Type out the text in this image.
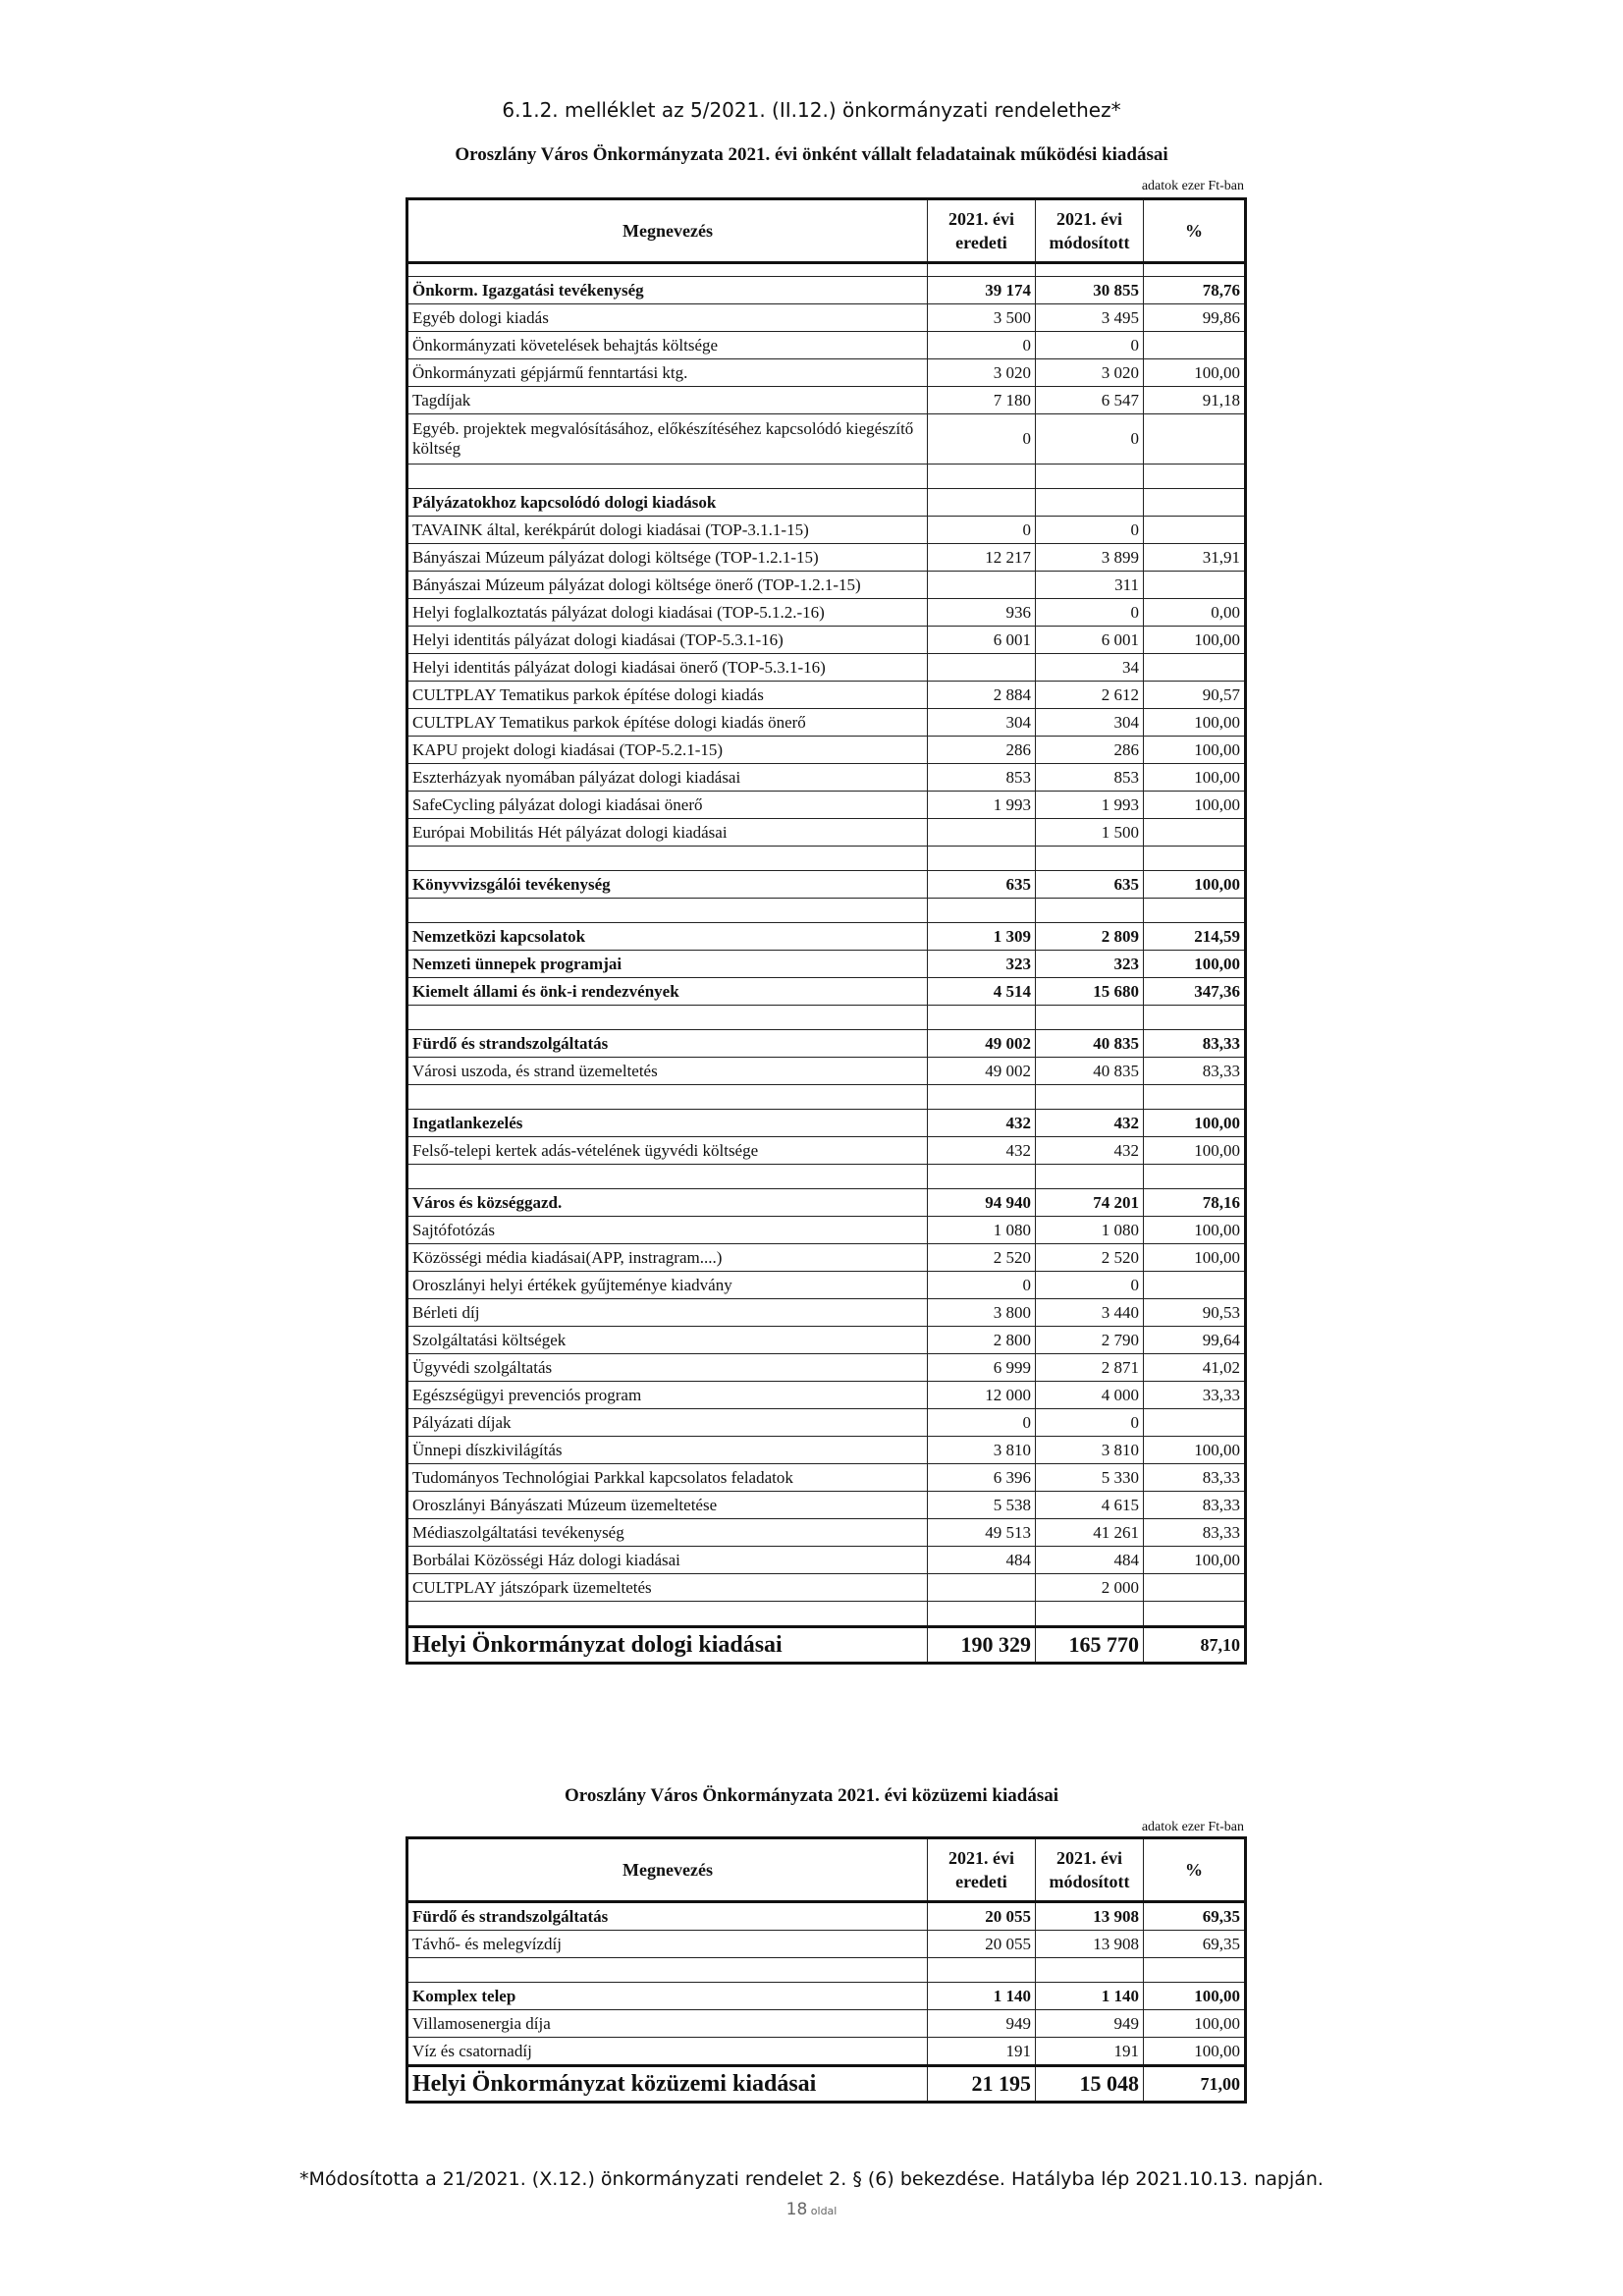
6.1.2. melléklet az 5/2021. (II.12.) önkormányzati rendelethez*
Oroszlány Város Önkormányzata 2021. évi önként vállalt feladatainak működési kiadásai
adatok ezer Ft-ban
Megnevezés	2021. évi eredeti	2021. évi módosított	%

Önkorm. Igazgatási tevékenység	39 174	30 855	78,76
Egyéb dologi kiadás	3 500	3 495	99,86
Önkormányzati követelések behajtás költsége	0	0	
Önkormányzati gépjármű fenntartási ktg.	3 020	3 020	100,00
Tagdíjak	7 180	6 547	91,18
Egyéb. projektek megvalósításához, előkészítéséhez kapcsolódó kiegészítő költség	0	0	

Pályázatokhoz kapcsolódó dologi kiadások			
TAVAINK által, kerékpárút dologi kiadásai (TOP-3.1.1-15)	0	0	
Bányászai Múzeum pályázat dologi költsége (TOP-1.2.1-15)	12 217	3 899	31,91
Bányászai Múzeum pályázat dologi költsége önerő (TOP-1.2.1-15)		311	
Helyi foglalkoztatás pályázat dologi kiadásai (TOP-5.1.2.-16)	936	0	0,00
Helyi identitás pályázat dologi kiadásai (TOP-5.3.1-16)	6 001	6 001	100,00
Helyi identitás pályázat dologi kiadásai önerő (TOP-5.3.1-16)		34	
CULTPLAY Tematikus parkok építése dologi kiadás	2 884	2 612	90,57
CULTPLAY Tematikus parkok építése dologi kiadás önerő	304	304	100,00
KAPU projekt dologi kiadásai (TOP-5.2.1-15)	286	286	100,00
Eszterházyak nyomában pályázat dologi kiadásai	853	853	100,00
SafeCycling pályázat dologi kiadásai önerő	1 993	1 993	100,00
Európai Mobilitás Hét pályázat dologi kiadásai		1 500	

Könyvvizsgálói tevékenység	635	635	100,00

Nemzetközi kapcsolatok	1 309	2 809	214,59
Nemzeti ünnepek programjai	323	323	100,00
Kiemelt állami és önk-i rendezvények	4 514	15 680	347,36

Fürdő és strandszolgáltatás	49 002	40 835	83,33
Városi uszoda, és strand üzemeltetés	49 002	40 835	83,33

Ingatlankezelés	432	432	100,00
Felső-telepi kertek adás-vételének ügyvédi költsége	432	432	100,00

Város és községgazd.	94 940	74 201	78,16
Sajtófotózás	1 080	1 080	100,00
Közösségi média kiadásai(APP, instragram....)	2 520	2 520	100,00
Oroszlányi helyi értékek gyűjteménye kiadvány	0	0	
Bérleti díj	3 800	3 440	90,53
Szolgáltatási költségek	2 800	2 790	99,64
Ügyvédi szolgáltatás	6 999	2 871	41,02
Egészségügyi prevenciós program	12 000	4 000	33,33
Pályázati díjak	0	0	
Ünnepi díszkivilágítás	3 810	3 810	100,00
Tudományos Technológiai Parkkal kapcsolatos feladatok	6 396	5 330	83,33
Oroszlányi Bányászati Múzeum üzemeltetése	5 538	4 615	83,33
Médiaszolgáltatási tevékenység	49 513	41 261	83,33
Borbálai Közösségi Ház dologi kiadásai	484	484	100,00
CULTPLAY játszópark üzemeltetés		2 000	

Helyi Önkormányzat dologi kiadásai	190 329	165 770	87,10
Oroszlány Város Önkormányzata 2021. évi közüzemi kiadásai
adatok ezer Ft-ban
Megnevezés	2021. évi eredeti	2021. évi módosított	%
Fürdő és strandszolgáltatás	20 055	13 908	69,35
Távhő- és melegvízdíj	20 055	13 908	69,35

Komplex telep	1 140	1 140	100,00
Villamosenergia díja	949	949	100,00
Víz és csatornadíj	191	191	100,00
Helyi Önkormányzat közüzemi kiadásai	21 195	15 048	71,00
*Módosította a 21/2021. (X.12.) önkormányzati rendelet 2. § (6) bekezdése. Hatályba lép 2021.10.13. napján.
18 oldal
